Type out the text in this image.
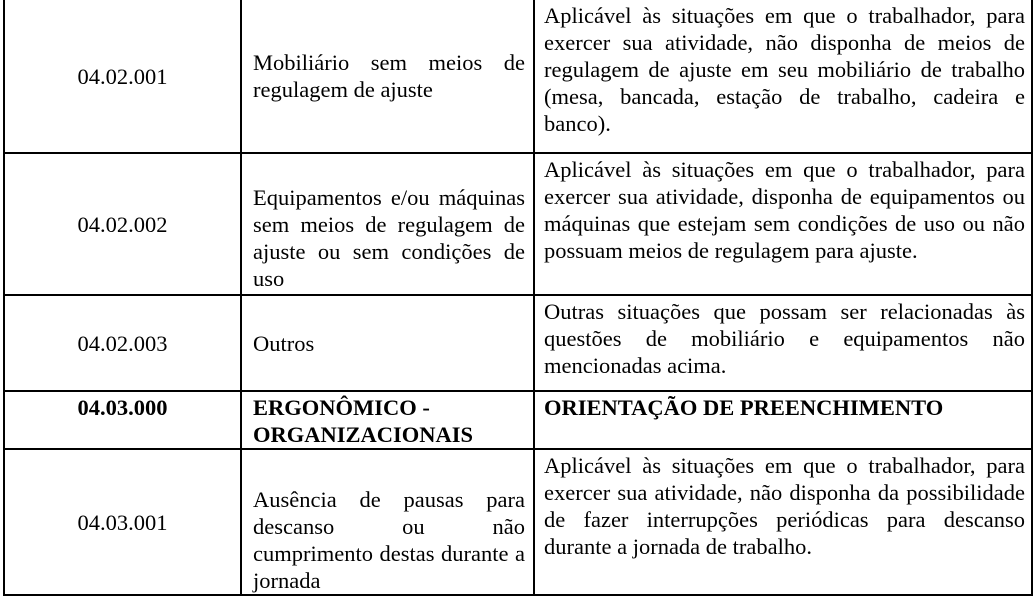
04.02.001	Mobiliário sem meios de regulagem de ajuste	Aplicável às situações em que o trabalhador, para exercer sua atividade, não disponha de meios de regulagem de ajuste em seu mobiliário de trabalho (mesa, bancada, estação de trabalho, cadeira e banco).
04.02.002	Equipamentos e/ou máquinas sem meios de regulagem de ajuste ou sem condições de uso	Aplicável às situações em que o trabalhador, para exercer sua atividade, disponha de equipamentos ou máquinas que estejam sem condições de uso ou não possuam meios de regulagem para ajuste.
04.02.003	Outros	Outras situações que possam ser relacionadas às questões de mobiliário e equipamentos não mencionadas acima.
04.03.000	ERGONÔMICO - ORGANIZACIONAIS	ORIENTAÇÃO DE PREENCHIMENTO
04.03.001	Ausência de pausas para descanso ou não cumprimento destas durante a jornada	Aplicável às situações em que o trabalhador, para exercer sua atividade, não disponha da possibilidade de fazer interrupções periódicas para descanso durante a jornada de trabalho.
